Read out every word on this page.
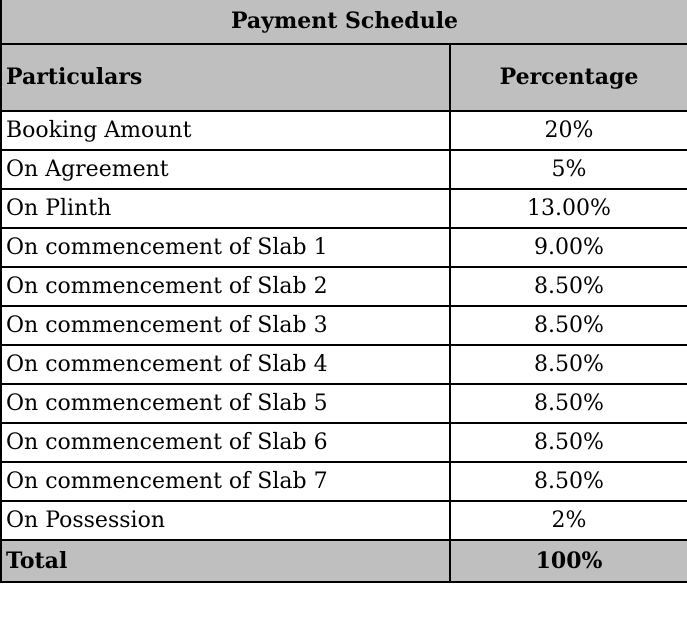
Payment Schedule	
Particulars	Percentage
Booking Amount	20%
On Agreement	5%
On Plinth	13.00%
On commencement of Slab 1	9.00%
On commencement of Slab 2	8.50%
On commencement of Slab 3	8.50%
On commencement of Slab 4	8.50%
On commencement of Slab 5	8.50%
On commencement of Slab 6	8.50%
On commencement of Slab 7	8.50%
On Possession	2%
Total	100%
